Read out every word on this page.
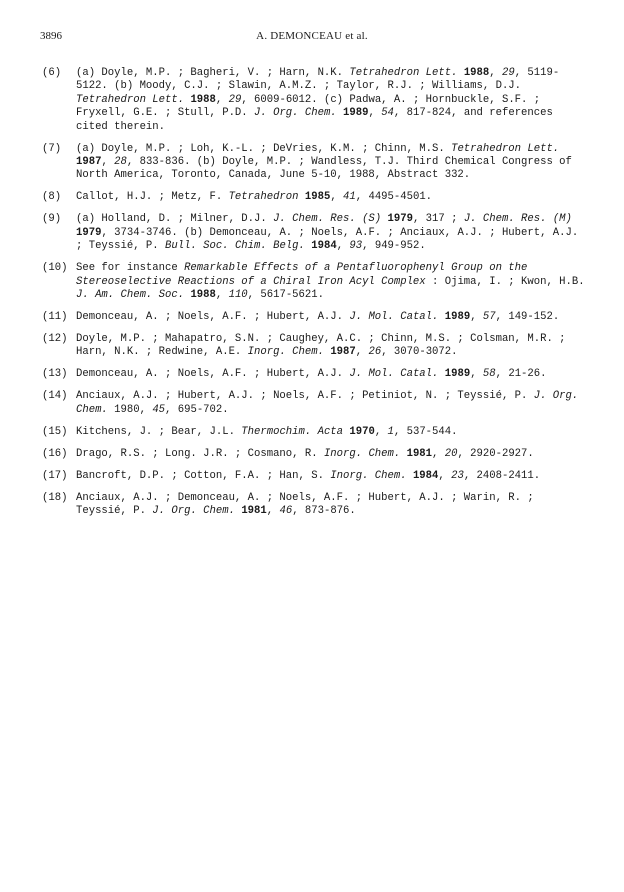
3896	A. DEMONCEAU et al.
(6)	(a) Doyle, M.P. ; Bagheri, V. ; Harn, N.K. Tetrahedron Lett. 1988, 29, 5119-5122. (b) Moody, C.J. ; Slawin, A.M.Z. ; Taylor, R.J. ; Williams, D.J. Tetrahedron Lett. 1988, 29, 6009-6012. (c) Padwa, A. ; Hornbuckle, S.F. ; Fryxell, G.E. ; Stull, P.D. J. Org. Chem. 1989, 54, 817-824, and references cited therein.
(7)	(a) Doyle, M.P. ; Loh, K.-L. ; DeVries, K.M. ; Chinn, M.S. Tetrahedron Lett. 1987, 28, 833-836. (b) Doyle, M.P. ; Wandless, T.J. Third Chemical Congress of North America, Toronto, Canada, June 5-10, 1988, Abstract 332.
(8)	Callot, H.J. ; Metz, F. Tetrahedron 1985, 41, 4495-4501.
(9)	(a) Holland, D. ; Milner, D.J. J. Chem. Res. (S) 1979, 317 ; J. Chem. Res. (M) 1979, 3734-3746. (b) Demonceau, A. ; Noels, A.F. ; Anciaux, A.J. ; Hubert, A.J. ; Teyssié, P. Bull. Soc. Chim. Belg. 1984, 93, 949-952.
(10) See for instance Remarkable Effects of a Pentafluorophenyl Group on the Stereoselective Reactions of a Chiral Iron Acyl Complex : Ojima, I. ; Kwon, H.B. J. Am. Chem. Soc. 1988, 110, 5617-5621.
(11) Demonceau, A. ; Noels, A.F. ; Hubert, A.J. J. Mol. Catal. 1989, 57, 149-152.
(12) Doyle, M.P. ; Mahapatro, S.N. ; Caughey, A.C. ; Chinn, M.S. ; Colsman, M.R. ; Harn, N.K. ; Redwine, A.E. Inorg. Chem. 1987, 26, 3070-3072.
(13) Demonceau, A. ; Noels, A.F. ; Hubert, A.J. J. Mol. Catal. 1989, 58, 21-26.
(14) Anciaux, A.J. ; Hubert, A.J. ; Noels, A.F. ; Petiniot, N. ; Teyssié, P. J. Org. Chem. 1980, 45, 695-702.
(15) Kitchens, J. ; Bear, J.L. Thermochim. Acta 1970, 1, 537-544.
(16) Drago, R.S. ; Long. J.R. ; Cosmano, R. Inorg. Chem. 1981, 20, 2920-2927.
(17) Bancroft, D.P. ; Cotton, F.A. ; Han, S. Inorg. Chem. 1984, 23, 2408-2411.
(18) Anciaux, A.J. ; Demonceau, A. ; Noels, A.F. ; Hubert, A.J. ; Warin, R. ; Teyssié, P. J. Org. Chem. 1981, 46, 873-876.
